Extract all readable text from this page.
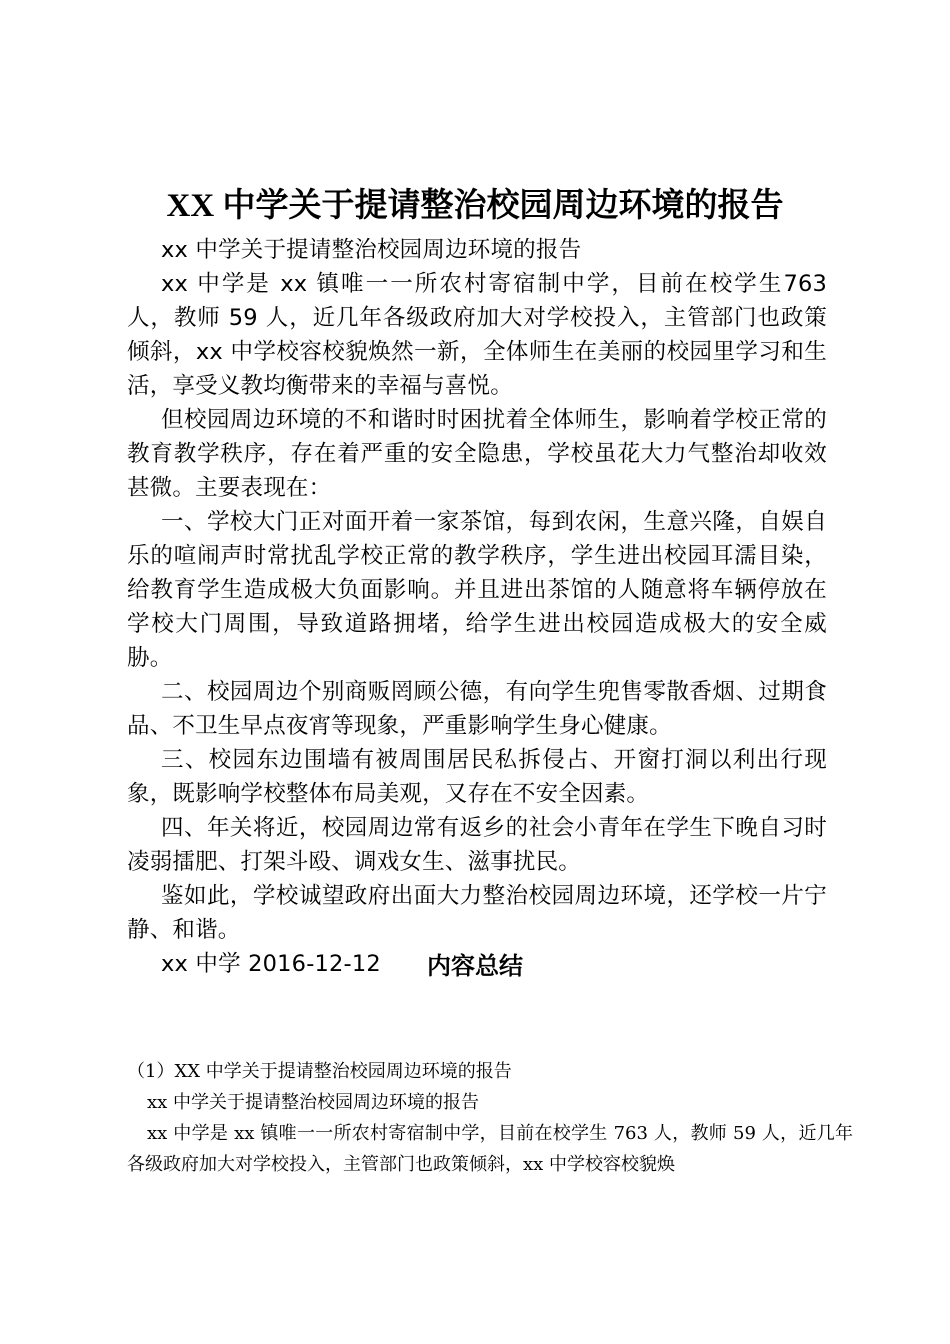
XX 中学关于提请整治校园周边环境的报告

xx 中学关于提请整治校园周边环境的报告

xx 中学是 xx 镇唯一一所农村寄宿制中学，目前在校学生763 人，教师 59 人，近几年各级政府加大对学校投入，主管部门也政策倾斜，xx 中学校容校貌焕然一新，全体师生在美丽的校园里学习和生活，享受义教均衡带来的幸福与喜悦。

但校园周边环境的不和谐时时困扰着全体师生，影响着学校正常的教育教学秩序，存在着严重的安全隐患，学校虽花大力气整治却收效甚微。主要表现在：

一、学校大门正对面开着一家茶馆，每到农闲，生意兴隆，自娱自乐的喧闹声时常扰乱学校正常的教学秩序，学生进出校园耳濡目染，给教育学生造成极大负面影响。并且进出茶馆的人随意将车辆停放在学校大门周围，导致道路拥堵，给学生进出校园造成极大的安全威胁。

二、校园周边个别商贩罔顾公德，有向学生兜售零散香烟、过期食品、不卫生早点夜宵等现象，严重影响学生身心健康。

三、校园东边围墙有被周围居民私拆侵占、开窗打洞以利出行现象，既影响学校整体布局美观，又存在不安全因素。

四、年关将近，校园周边常有返乡的社会小青年在学生下晚自习时凌弱擂肥、打架斗殴、调戏女生、滋事扰民。

鉴如此，学校诚望政府出面大力整治校园周边环境，还学校一片宁静、和谐。

xx 中学 2016-12-12	内容总结

（1）XX 中学关于提请整治校园周边环境的报告

xx 中学关于提请整治校园周边环境的报告

xx 中学是 xx 镇唯一一所农村寄宿制中学，目前在校学生 763 人，教师 59 人，近几年各级政府加大对学校投入，主管部门也政策倾斜，xx 中学校容校貌焕
